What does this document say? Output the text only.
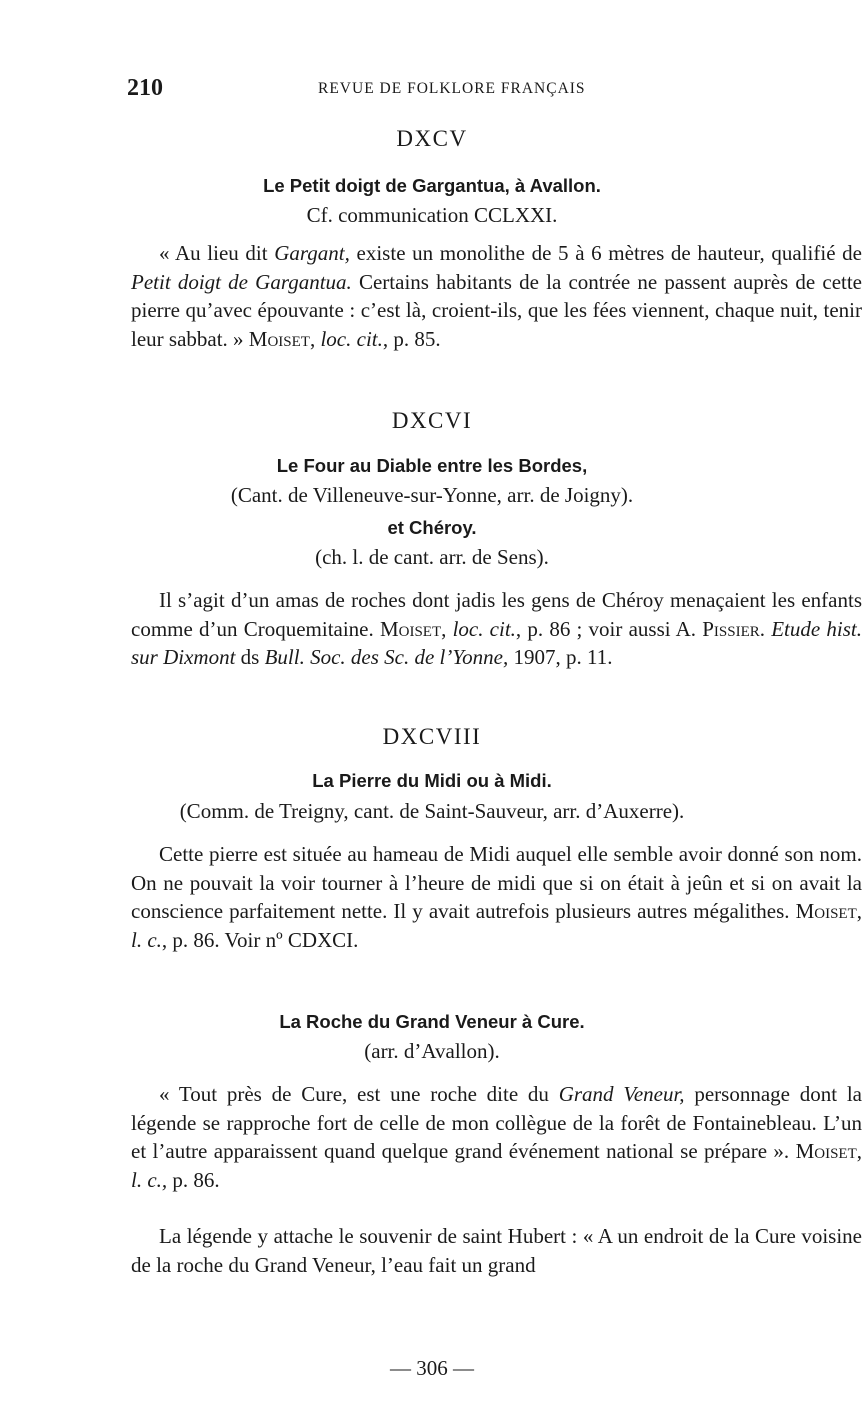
210	REVUE DE FOLKLORE FRANÇAIS
DXCV
Le Petit doigt de Gargantua, à Avallon.
Cf. communication CCLXXI.
« Au lieu dit Gargant, existe un monolithe de 5 à 6 mètres de hauteur, qualifié de Petit doigt de Gargantua. Certains habitants de la contrée ne passent auprès de cette pierre qu’avec épouvante : c’est là, croient-ils, que les fées viennent, chaque nuit, tenir leur sabbat. » Moiset, loc. cit., p. 85.
DXCVI
Le Four au Diable entre les Bordes,
(Cant. de Villeneuve-sur-Yonne, arr. de Joigny).
et Chéroy.
(ch. l. de cant. arr. de Sens).
Il s’agit d’un amas de roches dont jadis les gens de Chéroy menaçaient les enfants comme d’un Croquemitaine. Moiset, loc. cit., p. 86 ; voir aussi A. Pissier. Etude hist. sur Dixmont ds Bull. Soc. des Sc. de l’Yonne, 1907, p. 11.
DXCVIII
La Pierre du Midi ou à Midi.
(Comm. de Treigny, cant. de Saint-Sauveur, arr. d’Auxerre).
Cette pierre est située au hameau de Midi auquel elle semble avoir donné son nom. On ne pouvait la voir tourner à l’heure de midi que si on était à jeûn et si on avait la conscience parfaitement nette. Il y avait autrefois plusieurs autres mégalithes. Moiset, l. c., p. 86. Voir nº CDXCI.
La Roche du Grand Veneur à Cure.
(arr. d’Avallon).
« Tout près de Cure, est une roche dite du Grand Veneur, personnage dont la légende se rapproche fort de celle de mon collègue de la forêt de Fontainebleau. L’un et l’autre apparaissent quand quelque grand événement national se prépare ». Moiset, l. c., p. 86.
La légende y attache le souvenir de saint Hubert : « A un endroit de la Cure voisine de la roche du Grand Veneur, l’eau fait un grand
— 306 —
